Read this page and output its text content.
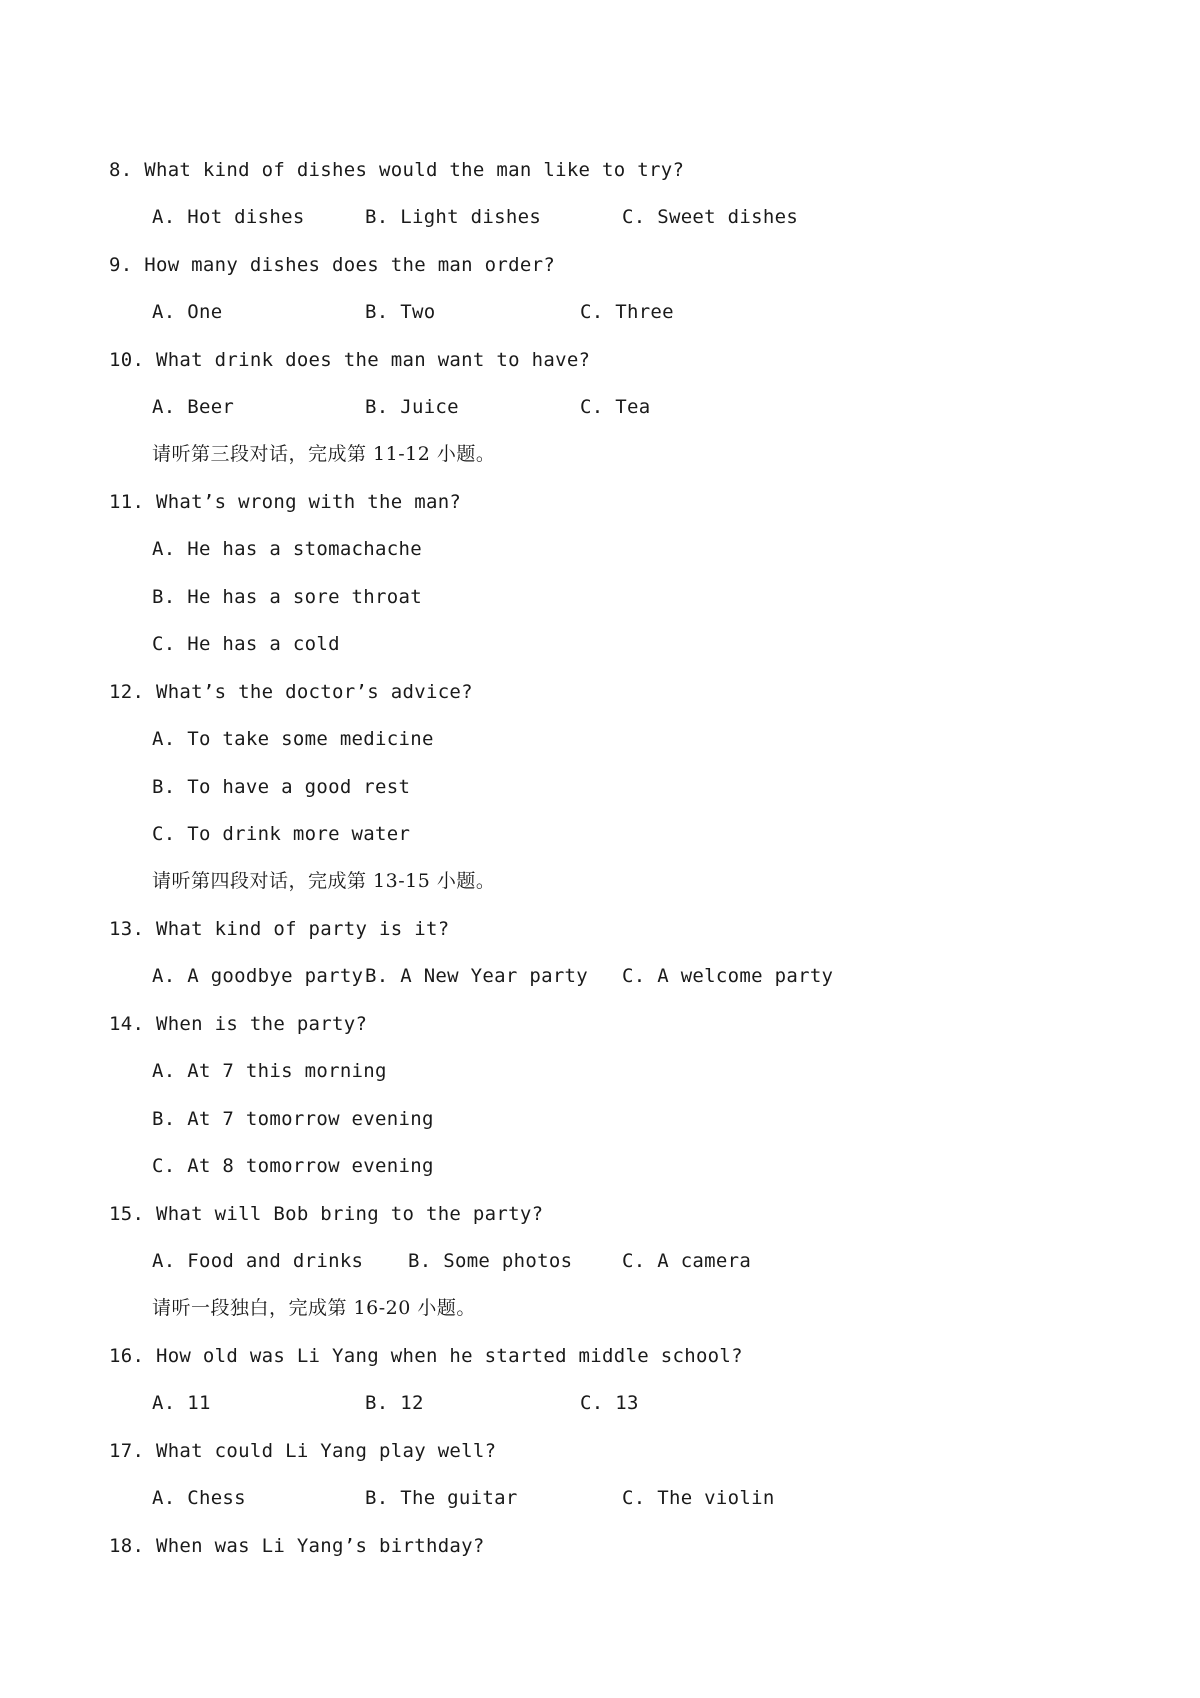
8. What kind of dishes would the man like to try?
A. Hot dishes	B. Light dishes	C. Sweet dishes
9. How many dishes does the man order?
A. One	B. Two	C. Three
10. What drink does the man want to have?
A. Beer	B. Juice	C. Tea
请听第三段对话，完成第 11-12 小题。
11. What’s wrong with the man?
A. He has a stomachache
B. He has a sore throat
C. He has a cold
12. What’s the doctor’s advice?
A. To take some medicine
B. To have a good rest
C. To drink more water
请听第四段对话，完成第 13-15 小题。
13. What kind of party is it?
A. A goodbye party B. A New Year party C. A welcome party
14. When is the party?
A. At 7 this morning
B. At 7 tomorrow evening
C. At 8 tomorrow evening
15. What will Bob bring to the party?
A. Food and drinks B. Some photos	C. A camera
请听一段独白，完成第 16-20 小题。
16. How old was Li Yang when he started middle school?
A. 11	B. 12	C. 13
17. What could Li Yang play well?
A. Chess	B. The guitar	C. The violin
18. When was Li Yang’s birthday?
